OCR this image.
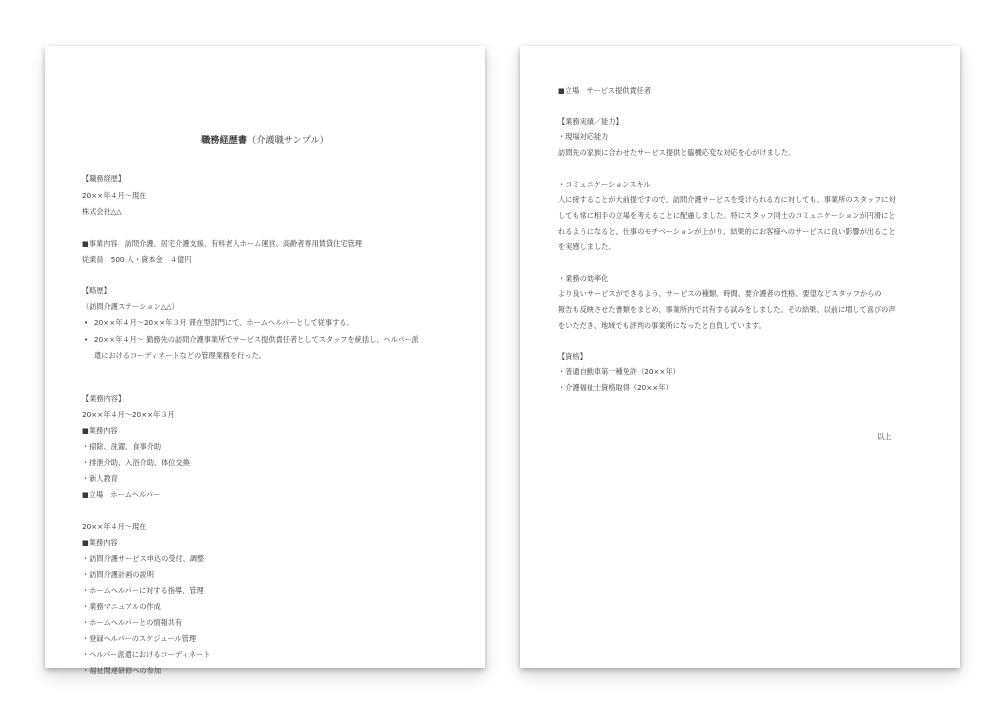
職務経歴書（介護職サンプル）
【職務経歴】
20××年４月～現在
株式会社△△
■事業内容　訪問介護、居宅介護支援、有料老人ホーム運営、高齢者専用賃貸住宅管理
従業員　500 人・資本金　４億円
【略歴】
（訪問介護ステーション△△）
• 20××年４月～20××年３月 滞在型部門にて、ホームヘルパーとして従事する。
• 20××年４月～ 勤務先の訪問介護事業所でサービス提供責任者としてスタッフを統括し、ヘルパー派
遣におけるコーディネートなどの管理業務を行った。
【業務内容】
20××年４月～20××年３月
■業務内容
・掃除、洗濯、食事介助
・排泄介助、入浴介助、体位交換
・新人教育
■立場　ホームヘルパー
20××年４月～現在
■業務内容
・訪問介護サービス申込の受付、調整
・訪問介護計画の説明
・ホームヘルパーに対する指導、管理
・業務マニュアルの作成
・ホームヘルパーとの情報共有
・登録ヘルパーのスケジュール管理
・ヘルパー派遣におけるコーディネート
・福祉関連研修への参加
■立場　サービス提供責任者
【業務実績／能力】
・現場対応能力
訪問先の家族に合わせたサービス提供と臨機応変な対応を心がけました。
・コミュニケーションスキル
人に接することが大前提ですので、訪問介護サービスを受けられる方に対しても、事業所のスタッフに対
しても常に相手の立場を考えることに配慮しました。特にスタッフ同士のコミュニケーションが円滑にと
れるようになると、仕事のモチベーションが上がり、結果的にお客様へのサービスに良い影響が出ること
を実感しました。
・業務の効率化
より良いサービスができるよう、サービスの種類、時間、要介護者の性格、要望などスタッフからの
報告も反映させた書類をまとめ、事業所内で共有する試みをしました。その結果、以前に増して喜びの声
をいただき、地域でも評判の事業所になったと自負しています。
【資格】
・普通自動車第一種免許（20××年）
・介護福祉士資格取得（20××年）
以上
